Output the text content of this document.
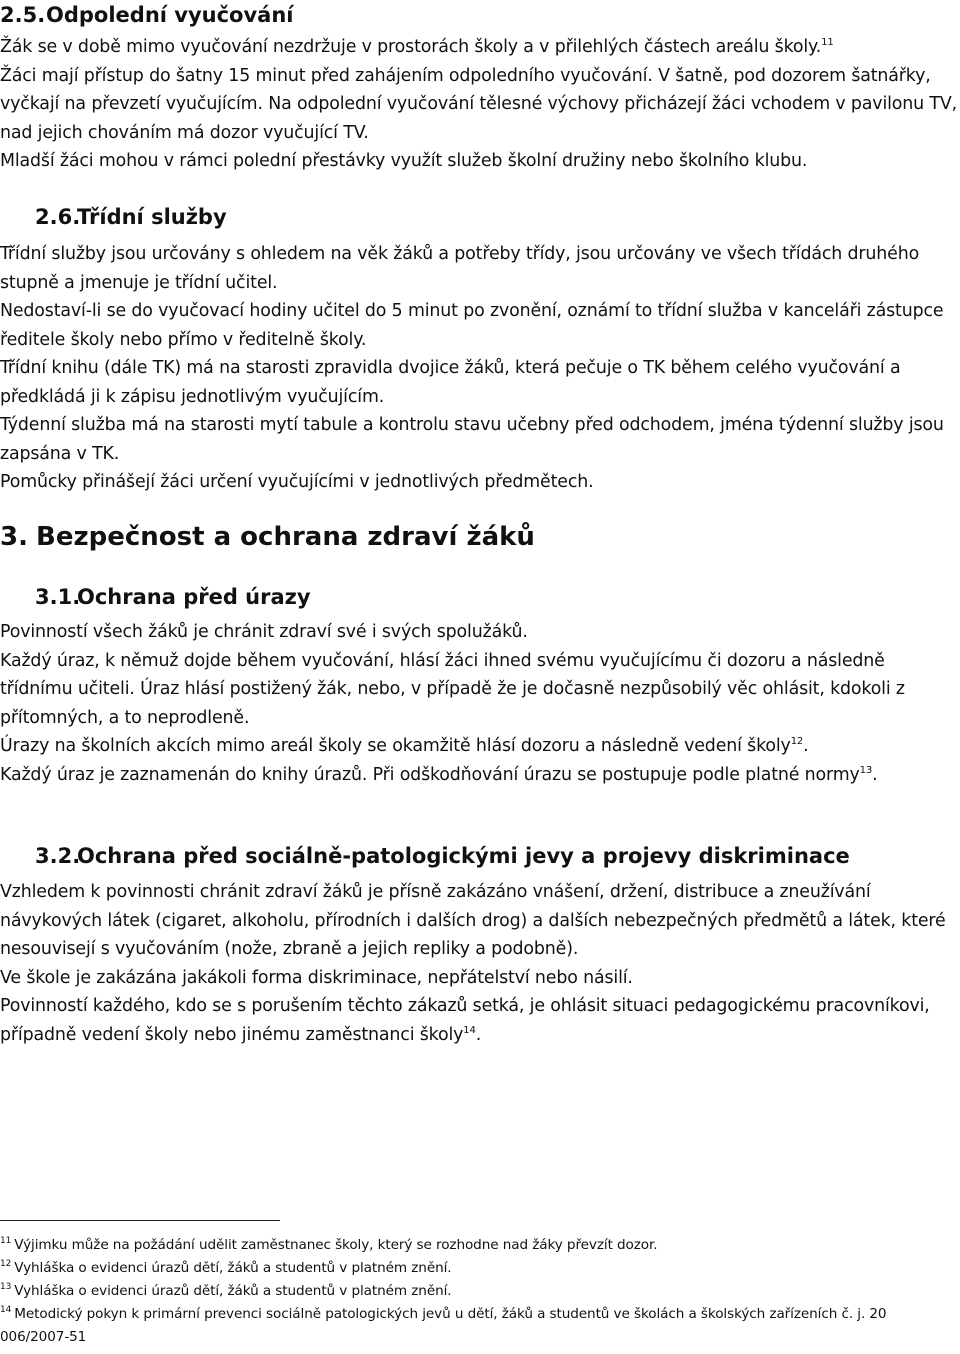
2.5.Odpolední vyučování

Žák se v době mimo vyučování nezdržuje v prostorách školy a v přilehlých částech areálu školy.$^{11}$

Žáci mají přístup do šatny 15 minut před zahájením odpoledního vyučování. V šatně, pod dozorem šatnářky, vyčkají na převzetí vyučujícím. Na odpolední vyučování tělesné výchovy přicházejí žáci vchodem v pavilonu TV, nad jejich chováním má dozor vyučující TV.

Mladší žáci mohou v rámci polední přestávky využít služeb školní družiny nebo školního klubu.

2.6.Třídní služby

Třídní služby jsou určovány s ohledem na věk žáků a potřeby třídy, jsou určovány ve všech třídách druhého stupně a jmenuje je třídní učitel.

Nedostaví-li se do vyučovací hodiny učitel do 5 minut po zvonění, oznámí to třídní služba v kanceláři zástupce ředitele školy nebo přímo v ředitelně školy.

Třídní knihu (dále TK) má na starosti zpravidla dvojice žáků, která pečuje o TK během celého vyučování a předkládá ji k zápisu jednotlivým vyučujícím.

Týdenní služba má na starosti mytí tabule a kontrolu stavu učebny před odchodem, jména týdenní služby jsou zapsána v TK.

Pomůcky přinášejí žáci určení vyučujícími v jednotlivých předmětech.

3. Bezpečnost a ochrana zdraví žáků
3.1.Ochrana před úrazy

Povinností všech žáků je chránit zdraví své i svých spolužáků.

Každý úraz, k němuž dojde během vyučování, hlásí žáci ihned svému vyučujícímu či dozoru a následně třídnímu učiteli. Úraz hlásí postižený žák, nebo, v případě že je dočasně nezpůsobilý věc ohlásit, kdokoli z přítomných, a to neprodleně.

Úrazy na školních akcích mimo areál školy se okamžitě hlásí dozoru a následně vedení školy$^{12}$.

Každý úraz je zaznamenán do knihy úrazů. Při odškodňování úrazu se postupuje podle platné normy$^{13}$.

3.2.Ochrana před sociálně-patologickými jevy a projevy diskriminace

Vzhledem k povinnosti chránit zdraví žáků je přísně zakázáno vnášení, držení, distribuce a zneužívání návykových látek (cigaret, alkoholu, přírodních i dalších drog) a dalších nebezpečných předmětů a látek, které nesouvisejí s vyučováním (nože, zbraně a jejich repliky a podobně).

Ve škole je zakázána jakákoli forma diskriminace, nepřátelství nebo násilí.

Povinností každého, kdo se s porušením těchto zákazů setká, je ohlásit situaci pedagogickému pracovníkovi, případně vedení školy nebo jinému zaměstnanci školy$^{14}$.

$^{11}$ Výjimku může na požádání udělit zaměstnanec školy, který se rozhodne nad žáky převzít dozor.

$^{12}$ Vyhláška o evidenci úrazů dětí, žáků a studentů v platném znění.

$^{13}$ Vyhláška o evidenci úrazů dětí, žáků a studentů v platném znění.

$^{14}$ Metodický pokyn k primární prevenci sociálně patologických jevů u dětí, žáků a studentů ve školách a školských zařízeních č. j. 20 006/2007-51
